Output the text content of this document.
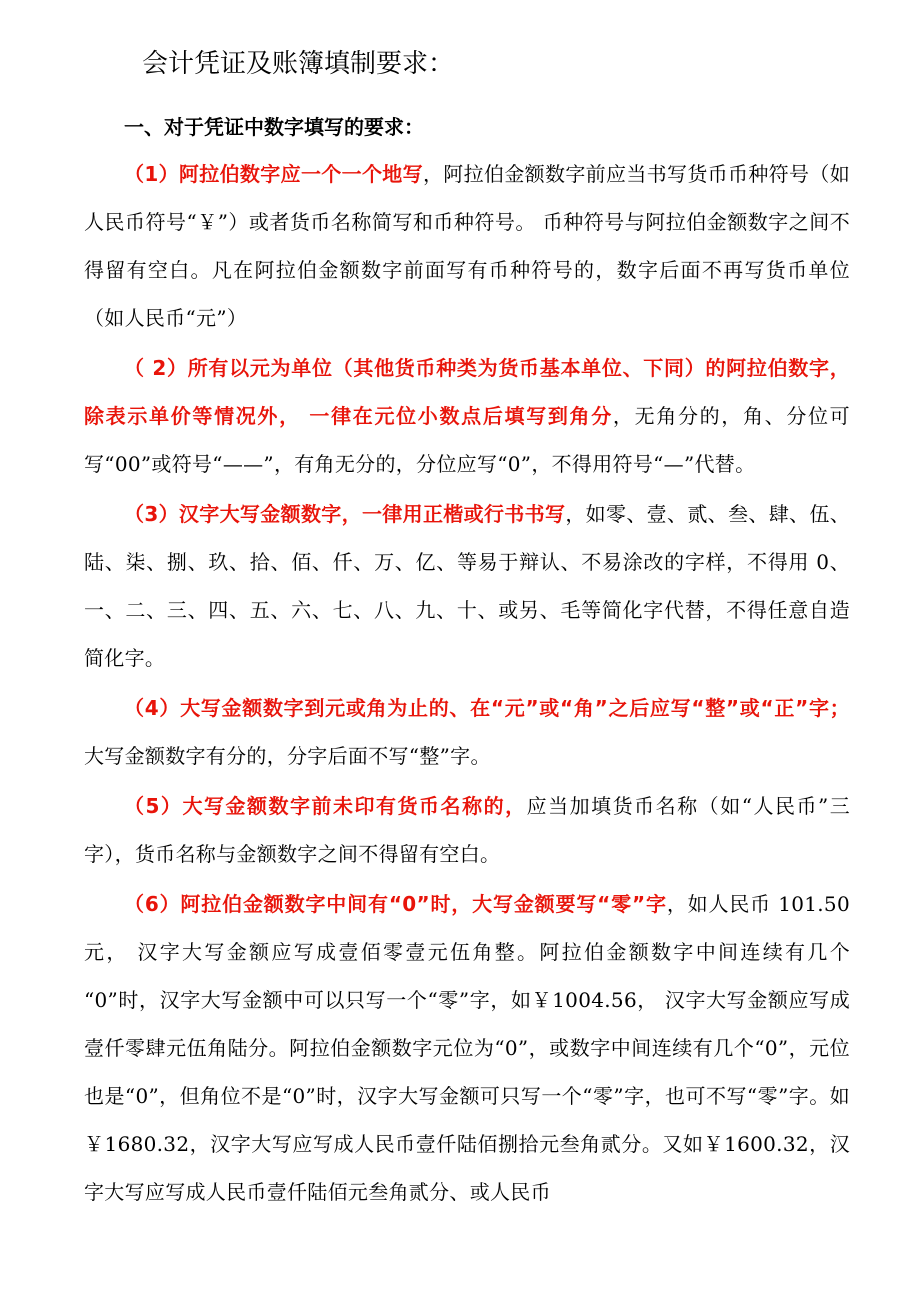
会计凭证及账簿填制要求：
一、对于凭证中数字填写的要求：

（1）阿拉伯数字应一个一个地写，阿拉伯金额数字前应当书写货币币种符号（如人民币符号“￥”）或者货币名称简写和币种符号。 币种符号与阿拉伯金额数字之间不得留有空白。凡在阿拉伯金额数字前面写有币种符号的，数字后面不再写货币单位（如人民币“元”）

（ 2）所有以元为单位（其他货币种类为货币基本单位、下同）的阿拉伯数字，除表示单价等情况外， 一律在元位小数点后填写到角分，无角分的，角、分位可写“00”或符号“——”，有角无分的，分位应写“0”，不得用符号“—”代替。

（3）汉字大写金额数字，一律用正楷或行书书写，如零、壹、贰、叁、肆、伍、 陆、柒、捌、玖、拾、佰、仟、万、亿、等易于辩认、不易涂改的字样，不得用 0、一、二、三、四、五、六、七、八、九、十、或另、毛等简化字代替，不得任意自造简化字。

（4）大写金额数字到元或角为止的、在“元”或“角”之后应写“整”或“正”字；大写金额数字有分的，分字后面不写“整”字。

（5）大写金额数字前未印有货币名称的，应当加填货币名称（如“人民币”三字），货币名称与金额数字之间不得留有空白。

（6）阿拉伯金额数字中间有“0”时，大写金额要写“零”字，如人民币 101.50 元， 汉字大写金额应写成壹佰零壹元伍角整。阿拉伯金额数字中间连续有几个 “0”时，汉字大写金额中可以只写一个“零”字，如￥1004.56， 汉字大写金额应写成壹仟零肆元伍角陆分。阿拉伯金额数字元位为“0”，或数字中间连续有几个“0”，元位也是“0”，但角位不是“0”时，汉字大写金额可只写一个“零”字，也可不写“零”字。如￥1680.32，汉字大写应写成人民币壹仟陆佰捌拾元叁角贰分。又如￥1600.32，汉字大写应写成人民币壹仟陆佰元叁角贰分、或人民币
